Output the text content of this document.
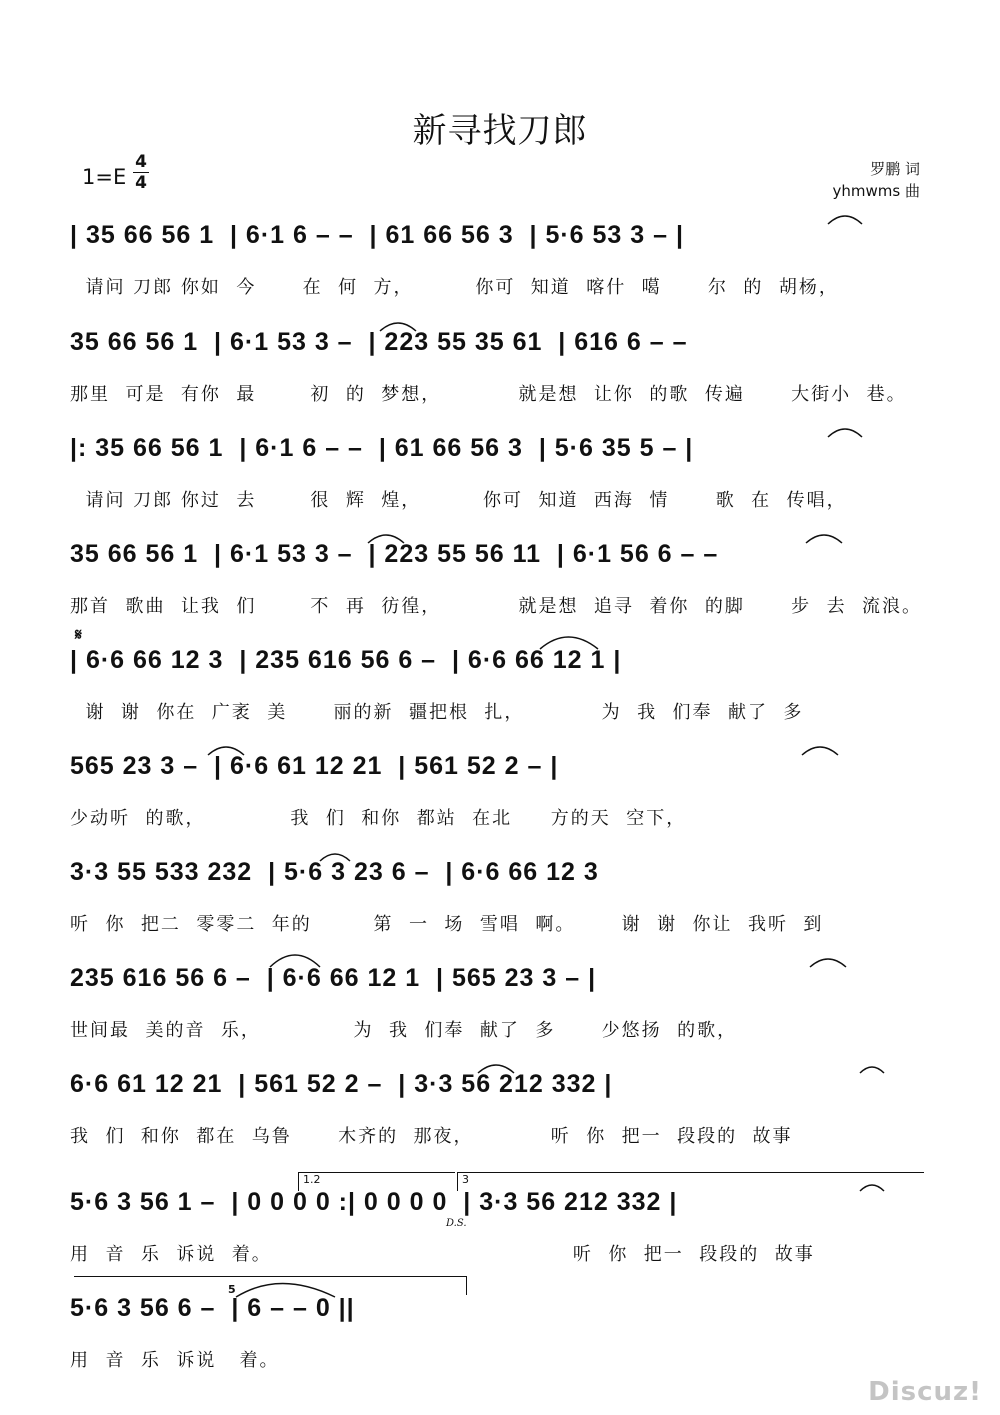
新寻找刀郎
1=E
4
4
罗鹏 词
yhmwms 曲
| 35 66 56 1  | 6·1 6 – –  | 61 66 56 3  | 5·6 53 3 – |
请问 刀郎 你如  今      在  何  方，        你可  知道  喀什  噶      尔  的  胡杨，
35 66 56 1  | 6·1 53 3 –  | 223 55 35 61  | 616 6 – –
那里  可是  有你  最       初  的  梦想，          就是想  让你  的歌  传遍      大街小  巷。
|: 35 66 56 1  | 6·1 6 – –  | 61 66 56 3  | 5·6 35 5 – |
请问 刀郎 你过  去       很  辉  煌，        你可  知道  西海  情      歌  在  传唱，
35 66 56 1  | 6·1 53 3 –  | 223 55 56 11  | 6·1 56 6 – –
那首  歌曲  让我  们       不  再  彷徨，          就是想  追寻  着你  的脚      步  去  流浪。
𝄋
| 6·6 66 12 3  | 235 616 56 6 –  | 6·6 66 12 1 |
谢  谢  你在  广袤  美      丽的新  疆把根  扎，          为  我  们奉  献了  多
565 23 3 –  | 6·6 61 12 21  | 561 52 2 – |
少动听  的歌，           我  们  和你  都站  在北     方的天  空下，
3·3 55 533 232  | 5·6 3 23 6 –  | 6·6 66 12 3
听  你  把二  零零二  年的        第  一  场  雪唱  啊。      谢  谢  你让  我听  到
235 616 56 6 –  | 6·6 66 12 1  | 565 23 3 – |
世间最  美的音  乐，            为  我  们奉  献了  多      少悠扬  的歌，
6·6 61 12 21  | 561 52 2 –  | 3·3 56 212 332 |
我  们  和你  都在  乌鲁      木齐的  那夜，          听  你  把一  段段的  故事
1.2	3
D.S.
5·6 3 56 1 –  | 0 0 0 0 :| 0 0 0 0  | 3·3 56 212 332 |
用  音  乐  诉说  着。                                       听  你  把一  段段的  故事
5
5·6 3 56 6 –  | 6 – – 0 ||
用  音  乐  诉说   着。
Discuz!
